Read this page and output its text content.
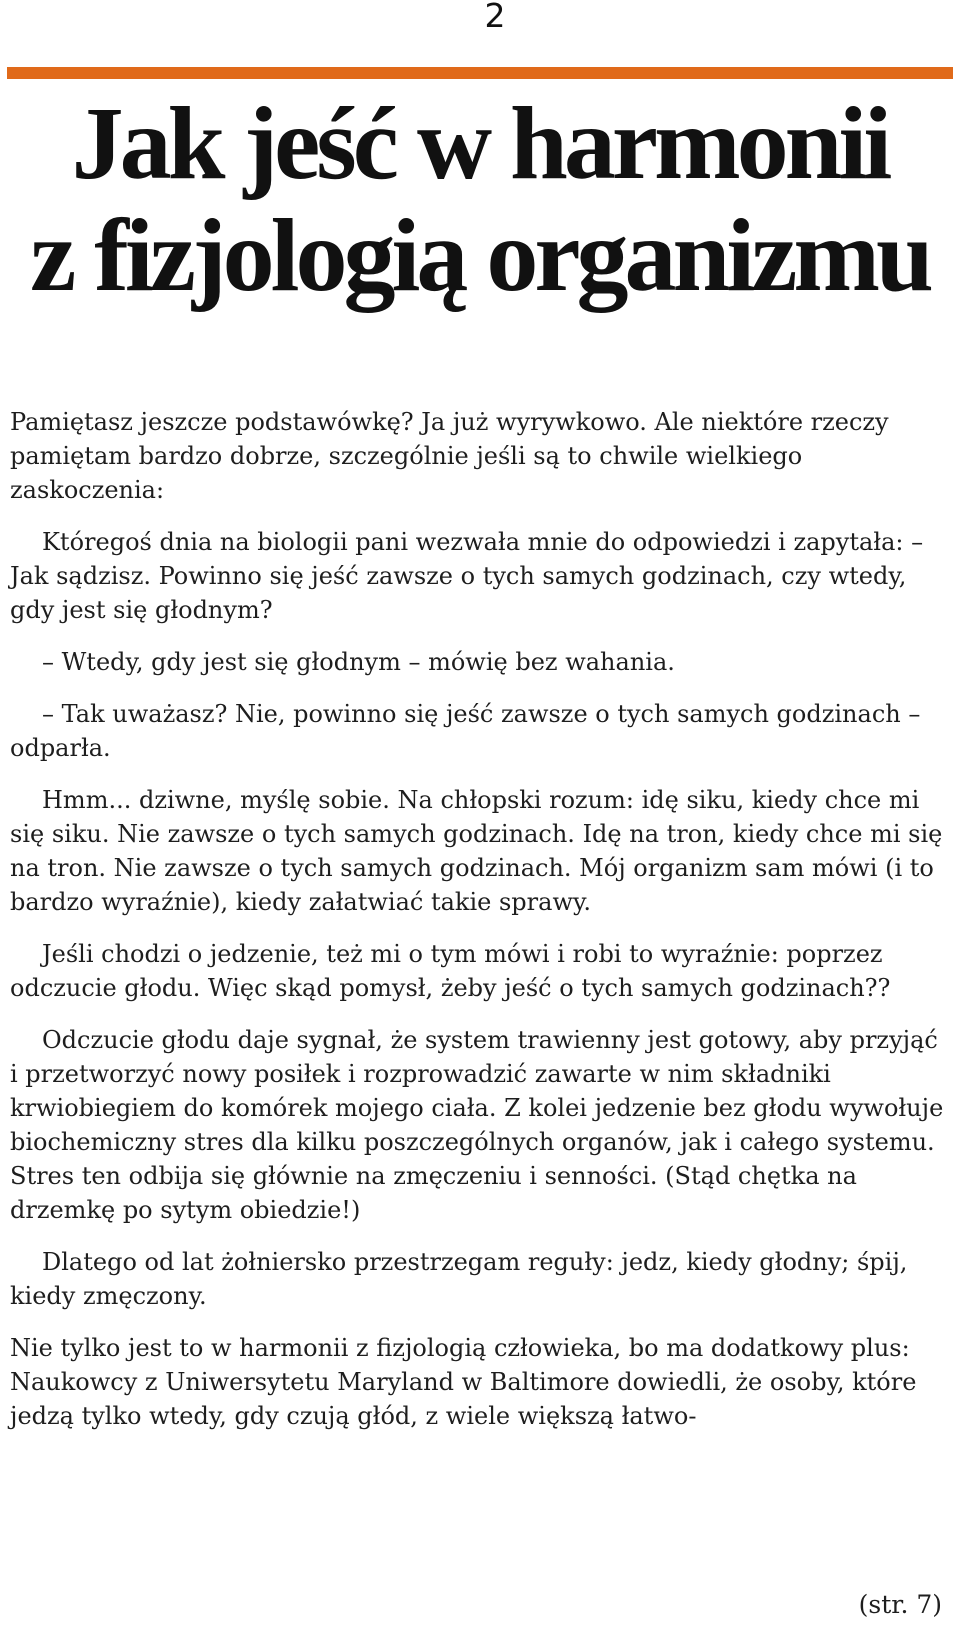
2
Jak jeść w harmonii
z fizjologią organizmu

Pamiętasz jeszcze podstawówkę? Ja już wyrywkowo. Ale niektóre rzeczy pamiętam bardzo dobrze, szczególnie jeśli są to chwile wielkiego zaskoczenia:

Któregoś dnia na biologii pani wezwała mnie do odpowiedzi i zapytała: – Jak sądzisz. Powinno się jeść zawsze o tych samych godzinach, czy wtedy, gdy jest się głodnym?

– Wtedy, gdy jest się głodnym – mówię bez wahania.

– Tak uważasz? Nie, powinno się jeść zawsze o tych samych godzinach – odparła.

Hmm... dziwne, myślę sobie. Na chłopski rozum: idę siku, kiedy chce mi się siku. Nie zawsze o tych samych godzinach. Idę na tron, kiedy chce mi się na tron. Nie zawsze o tych samych godzinach. Mój organizm sam mówi (i to bardzo wyraźnie), kiedy załatwiać takie sprawy.

Jeśli chodzi o jedzenie, też mi o tym mówi i robi to wyraźnie: poprzez odczucie głodu. Więc skąd pomysł, żeby jeść o tych samych godzinach??

Odczucie głodu daje sygnał, że system trawienny jest gotowy, aby przyjąć i przetworzyć nowy posiłek i rozprowadzić zawarte w nim składniki krwiobiegiem do komórek mojego ciała. Z kolei jedzenie bez głodu wywołuje biochemiczny stres dla kilku poszczególnych organów, jak i całego systemu. Stres ten odbija się głównie na zmęczeniu i senności. (Stąd chętka na drzemkę po sytym obiedzie!)

Dlatego od lat żołniersko przestrzegam reguły: jedz, kiedy głodny; śpij, kiedy zmęczony.

Nie tylko jest to w harmonii z fizjologią człowieka, bo ma dodatkowy plus: Naukowcy z Uniwersytetu Maryland w Baltimore dowiedli, że osoby, które jedzą tylko wtedy, gdy czują głód, z wiele większą łatwo-

(str. 7)
